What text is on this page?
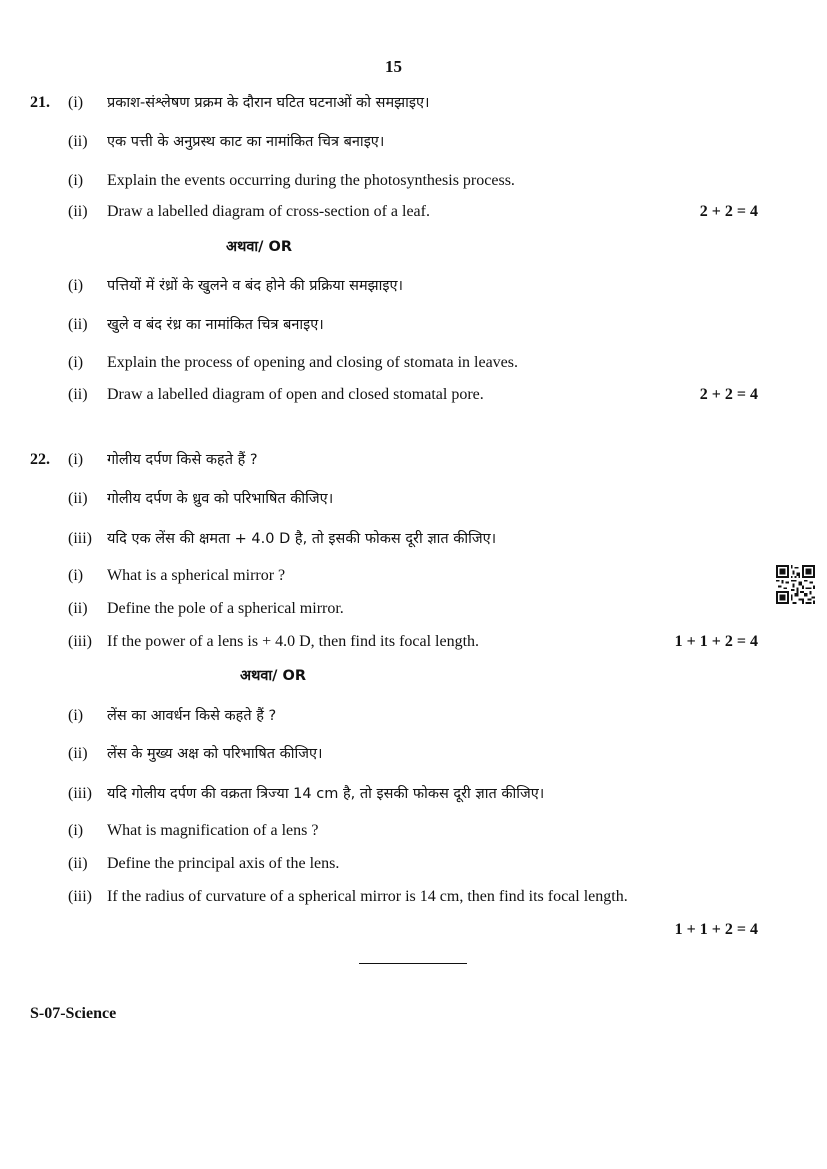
15
21. (i) प्रकाश-संश्लेषण प्रक्रम के दौरान घटित घटनाओं को समझाइए।
(ii) एक पत्ती के अनुप्रस्थ काट का नामांकित चित्र बनाइए।
(i) Explain the events occurring during the photosynthesis process.
(ii) Draw a labelled diagram of cross-section of a leaf.	2 + 2 = 4
अथवा/ OR
(i) पत्तियों में रंध्रों के खुलने व बंद होने की प्रक्रिया समझाइए।
(ii) खुले व बंद रंध्र का नामांकित चित्र बनाइए।
(i) Explain the process of opening and closing of stomata in leaves.
(ii) Draw a labelled diagram of open and closed stomatal pore.	2 + 2 = 4
22. (i) गोलीय दर्पण किसे कहते हैं ?
(ii) गोलीय दर्पण के ध्रुव को परिभाषित कीजिए।
(iii) यदि एक लेंस की क्षमता + 4.0 D है, तो इसकी फोकस दूरी ज्ञात कीजिए।
(i) What is a spherical mirror ?
(ii) Define the pole of a spherical mirror.
(iii) If the power of a lens is + 4.0 D, then find its focal length.	1 + 1 + 2 = 4
अथवा/ OR
(i) लेंस का आवर्धन किसे कहते हैं ?
(ii) लेंस के मुख्य अक्ष को परिभाषित कीजिए।
(iii) यदि गोलीय दर्पण की वक्रता त्रिज्या 14 cm है, तो इसकी फोकस दूरी ज्ञात कीजिए।
(i) What is magnification of a lens ?
(ii) Define the principal axis of the lens.
(iii) If the radius of curvature of a spherical mirror is 14 cm, then find its focal length.
1 + 1 + 2 = 4
S-07-Science
